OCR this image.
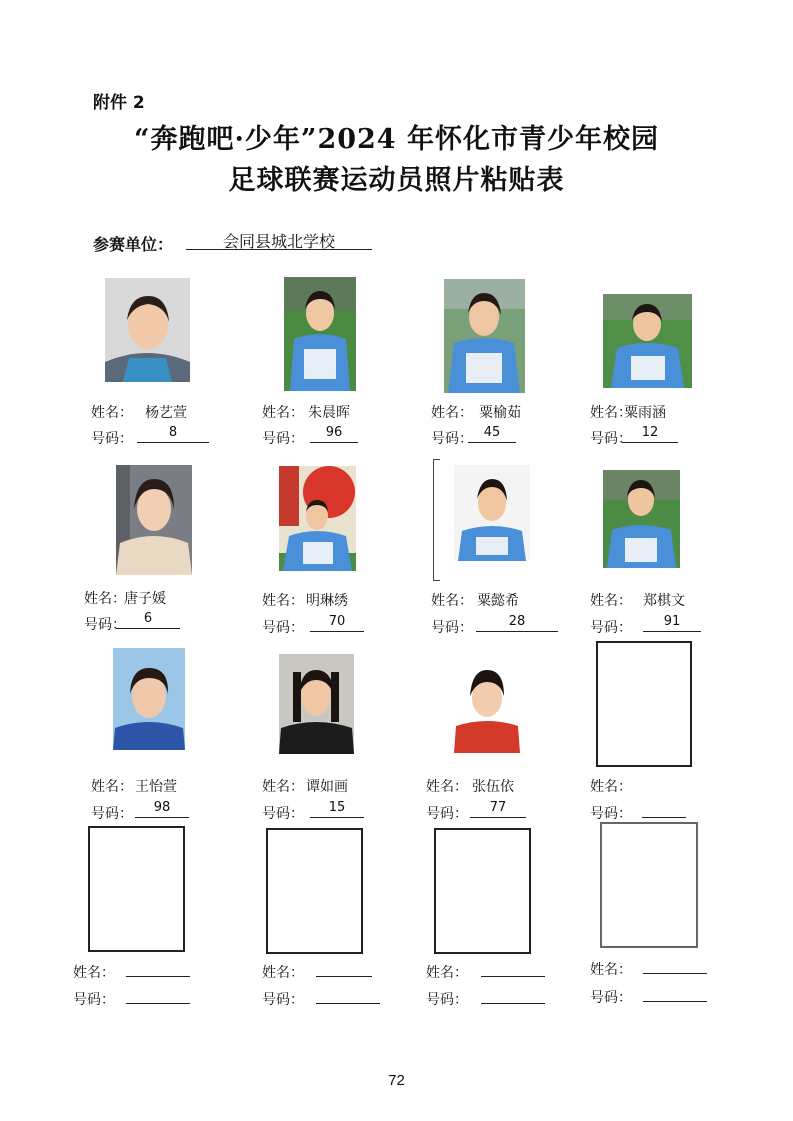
附件 2
“奔跑吧·少年”2024 年怀化市青少年校园
足球联赛运动员照片粘贴表
参赛单位：	会同县城北学校
姓名： 杨艺萱
号码：	8
姓名： 朱晨晖
号码：	96
姓名： 粟榆茹
号码： 45
姓名：
粟雨涵
号码： 12
姓名：
唐子媛
号码：	6
姓名： 明琳绣
号码：	70
姓名： 粟懿希
号码：	28
姓名： 郑棋文
号码：	91
姓名： 王怡萱
号码：	98
姓名： 谭如画
号码：	15
姓名： 张伍依
号码：	77
姓名：
号码：
姓名：
号码：
姓名：
号码：
姓名：
号码：
姓名：
号码：
72
